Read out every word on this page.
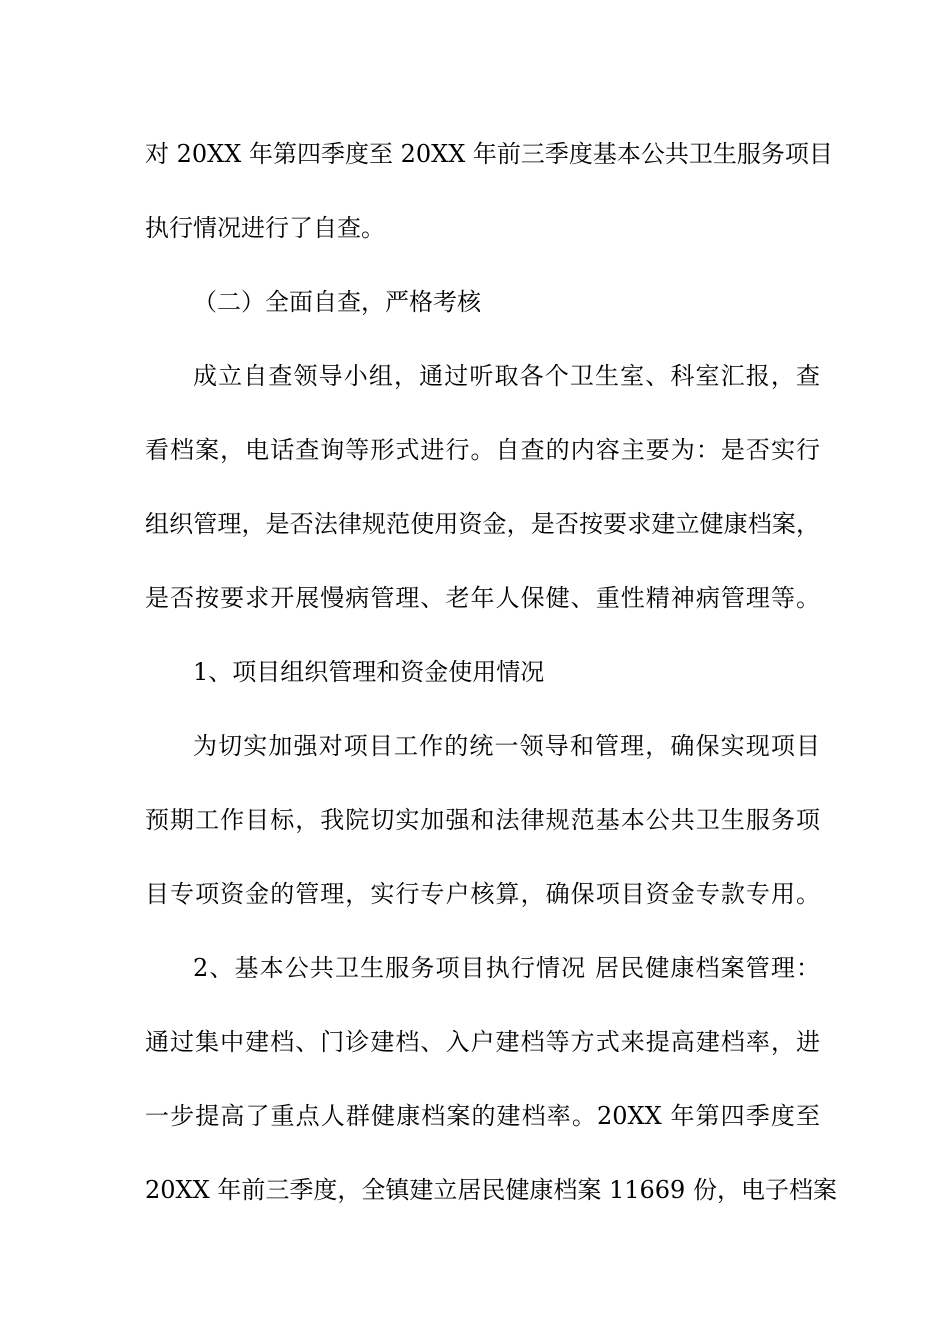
对 20XX 年第四季度至 20XX 年前三季度基本公共卫生服务项目
执行情况进行了自查。
（二）全面自查，严格考核
成立自查领导小组，通过听取各个卫生室、科室汇报，查
看档案，电话查询等形式进行。自查的内容主要为：是否实行
组织管理，是否法律规范使用资金，是否按要求建立健康档案，
是否按要求开展慢病管理、老年人保健、重性精神病管理等。
1、项目组织管理和资金使用情况
为切实加强对项目工作的统一领导和管理，确保实现项目
预期工作目标，我院切实加强和法律规范基本公共卫生服务项
目专项资金的管理，实行专户核算，确保项目资金专款专用。
2、基本公共卫生服务项目执行情况 居民健康档案管理：
通过集中建档、门诊建档、入户建档等方式来提高建档率，进
一步提高了重点人群健康档案的建档率。20XX 年第四季度至
20XX 年前三季度，全镇建立居民健康档案 11669 份，电子档案
